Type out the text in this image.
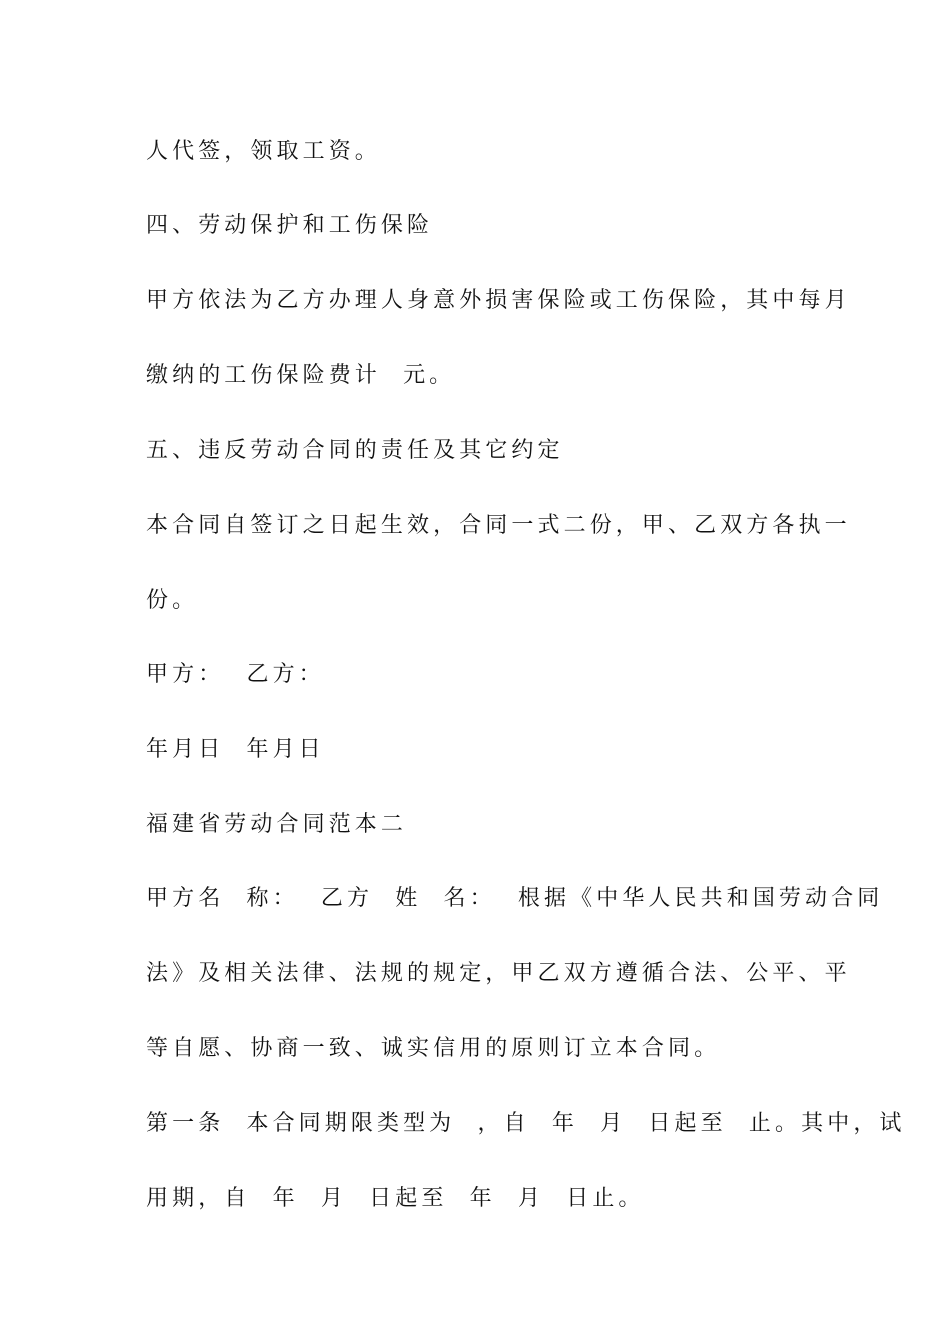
人代签，领取工资。
四、劳动保护和工伤保险
甲方依法为乙方办理人身意外损害保险或工伤保险，其中每月
缴纳的工伤保险费计  元。
五、违反劳动合同的责任及其它约定
本合同自签订之日起生效，合同一式二份，甲、乙双方各执一
份。
甲方：  乙方：
年月日  年月日
福建省劳动合同范本二
甲方名  称：  乙方  姓  名：  根据《中华人民共和国劳动合同
法》及相关法律、法规的规定，甲乙双方遵循合法、公平、平
等自愿、协商一致、诚实信用的原则订立本合同。
第一条  本合同期限类型为  ，自  年  月  日起至  止。其中，试
用期，自  年  月  日起至  年  月  日止。
